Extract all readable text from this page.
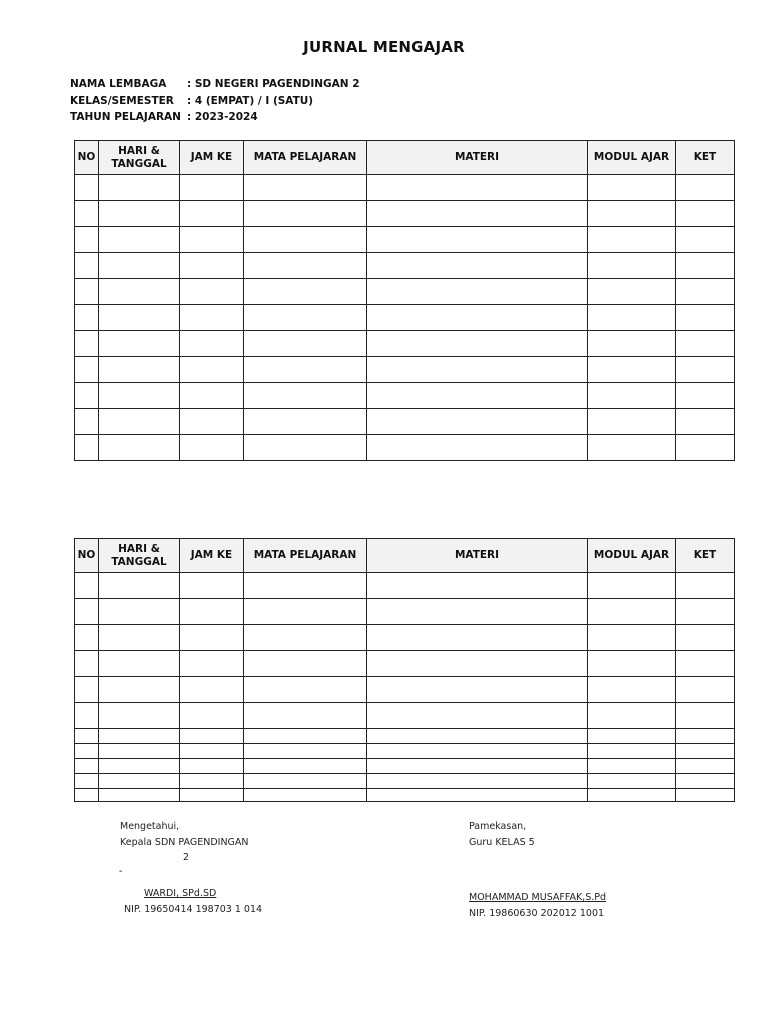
JURNAL MENGAJAR
NAMA LEMBAGA	: SD NEGERI PAGENDINGAN 2
KELAS/SEMESTER	: 4 (EMPAT) / I (SATU)
TAHUN PELAJARAN : 2023-2024
NO	HARI &
TANGGAL	JAM KE	MATA PELAJARAN	MATERI	MODUL AJAR	KET

NO	HARI &
TANGGAL	JAM KE	MATA PELAJARAN	MATERI	MODUL AJAR	KET

Mengetahui,
Kepala SDN PAGENDINGAN
2
-
WARDI, SPd.SD
NIP. 19650414 198703 1 014
Pamekasan,
Guru KELAS 5
MOHAMMAD MUSAFFAK,S.Pd
NIP. 19860630 202012 1001
